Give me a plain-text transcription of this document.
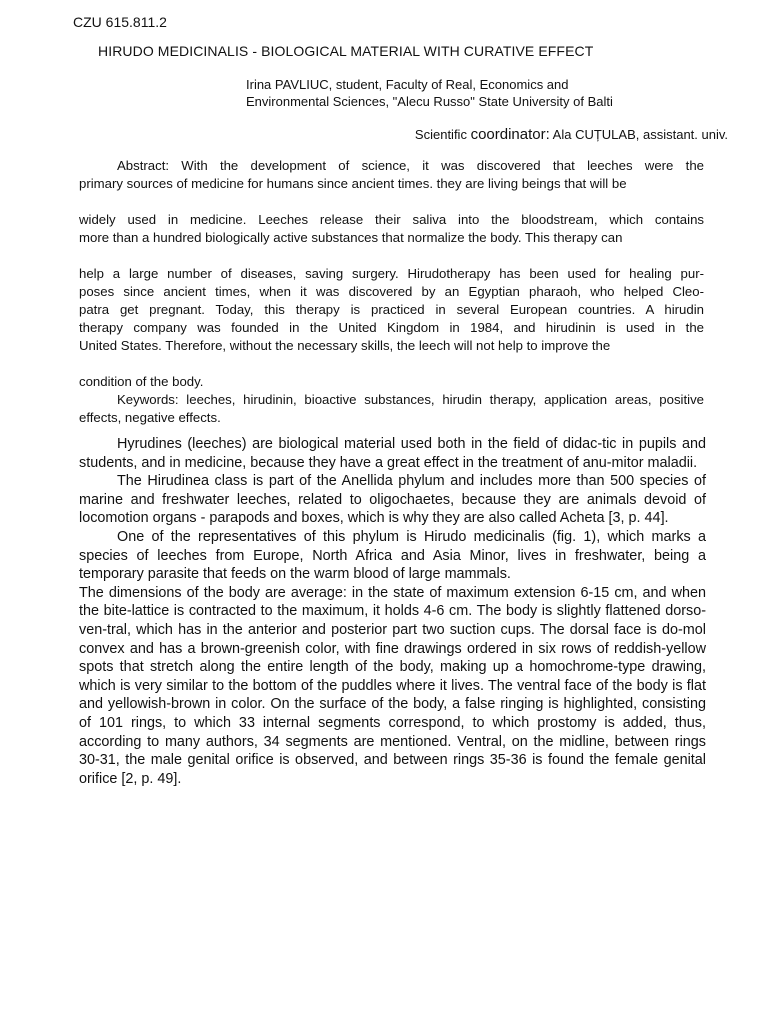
CZU 615.811.2
HIRUDO MEDICINALIS - BIOLOGICAL MATERIAL WITH CURATIVE EFFECT
Irina PAVLIUC, student, Faculty of Real, Economics and
Environmental Sciences, "Alecu Russo" State University of Balti
Scientific coordinator: Ala CUȚULAB, assistant. univ.

Abstract: With the development of science, it was discovered that leeches were the

primary sources of medicine for humans since ancient times. they are living beings that will be

widely used in medicine. Leeches release their saliva into the bloodstream, which contains

more than a hundred biologically active substances that normalize the body. This therapy can

help a large number of diseases, saving surgery. Hirudotherapy has been used for healing pur-

poses since ancient times, when it was discovered by an Egyptian pharaoh, who helped Cleo-

patra get pregnant. Today, this therapy is practiced in several European countries. A hirudin

therapy company was founded in the United Kingdom in 1984, and hirudinin is used in the

United States. Therefore, without the necessary skills, the leech will not help to improve the

condition of the body.

Keywords: leeches, hirudinin, bioactive substances, hirudin therapy, application areas, positive effects, negative effects.

Hyrudines (leeches) are biological material used both in the field of didac-tic in pupils and students, and in medicine, because they have a great effect in the treatment of anu-mitor maladii.

The Hirudinea class is part of the Anellida phylum and includes more than 500 species of marine and freshwater leeches, related to oligochaetes, because they are animals devoid of locomotion organs - parapods and boxes, which is why they are also called Acheta [3, p. 44].

One of the representatives of this phylum is Hirudo medicinalis (fig. 1), which marks a species of leeches from Europe, North Africa and Asia Minor, lives in freshwater, being a temporary parasite that feeds on the warm blood of large mammals.

The dimensions of the body are average: in the state of maximum extension 6-15 cm, and when the bite-lattice is contracted to the maximum, it holds 4-6 cm. The body is slightly flattened dorso-ven-tral, which has in the anterior and posterior part two suction cups. The dorsal face is do-mol convex and has a brown-greenish color, with fine drawings ordered in six rows of reddish-yellow spots that stretch along the entire length of the body, making up a homochrome-type drawing, which is very similar to the bottom of the puddles where it lives. The ventral face of the body is flat and yellowish-brown in color. On the surface of the body, a false ringing is highlighted, consisting of 101 rings, to which 33 internal segments correspond, to which prostomy is added, thus, according to many authors, 34 segments are mentioned. Ventral, on the midline, between rings 30-31, the male genital orifice is observed, and between rings 35-36 is found the female genital orifice [2, p. 49].
